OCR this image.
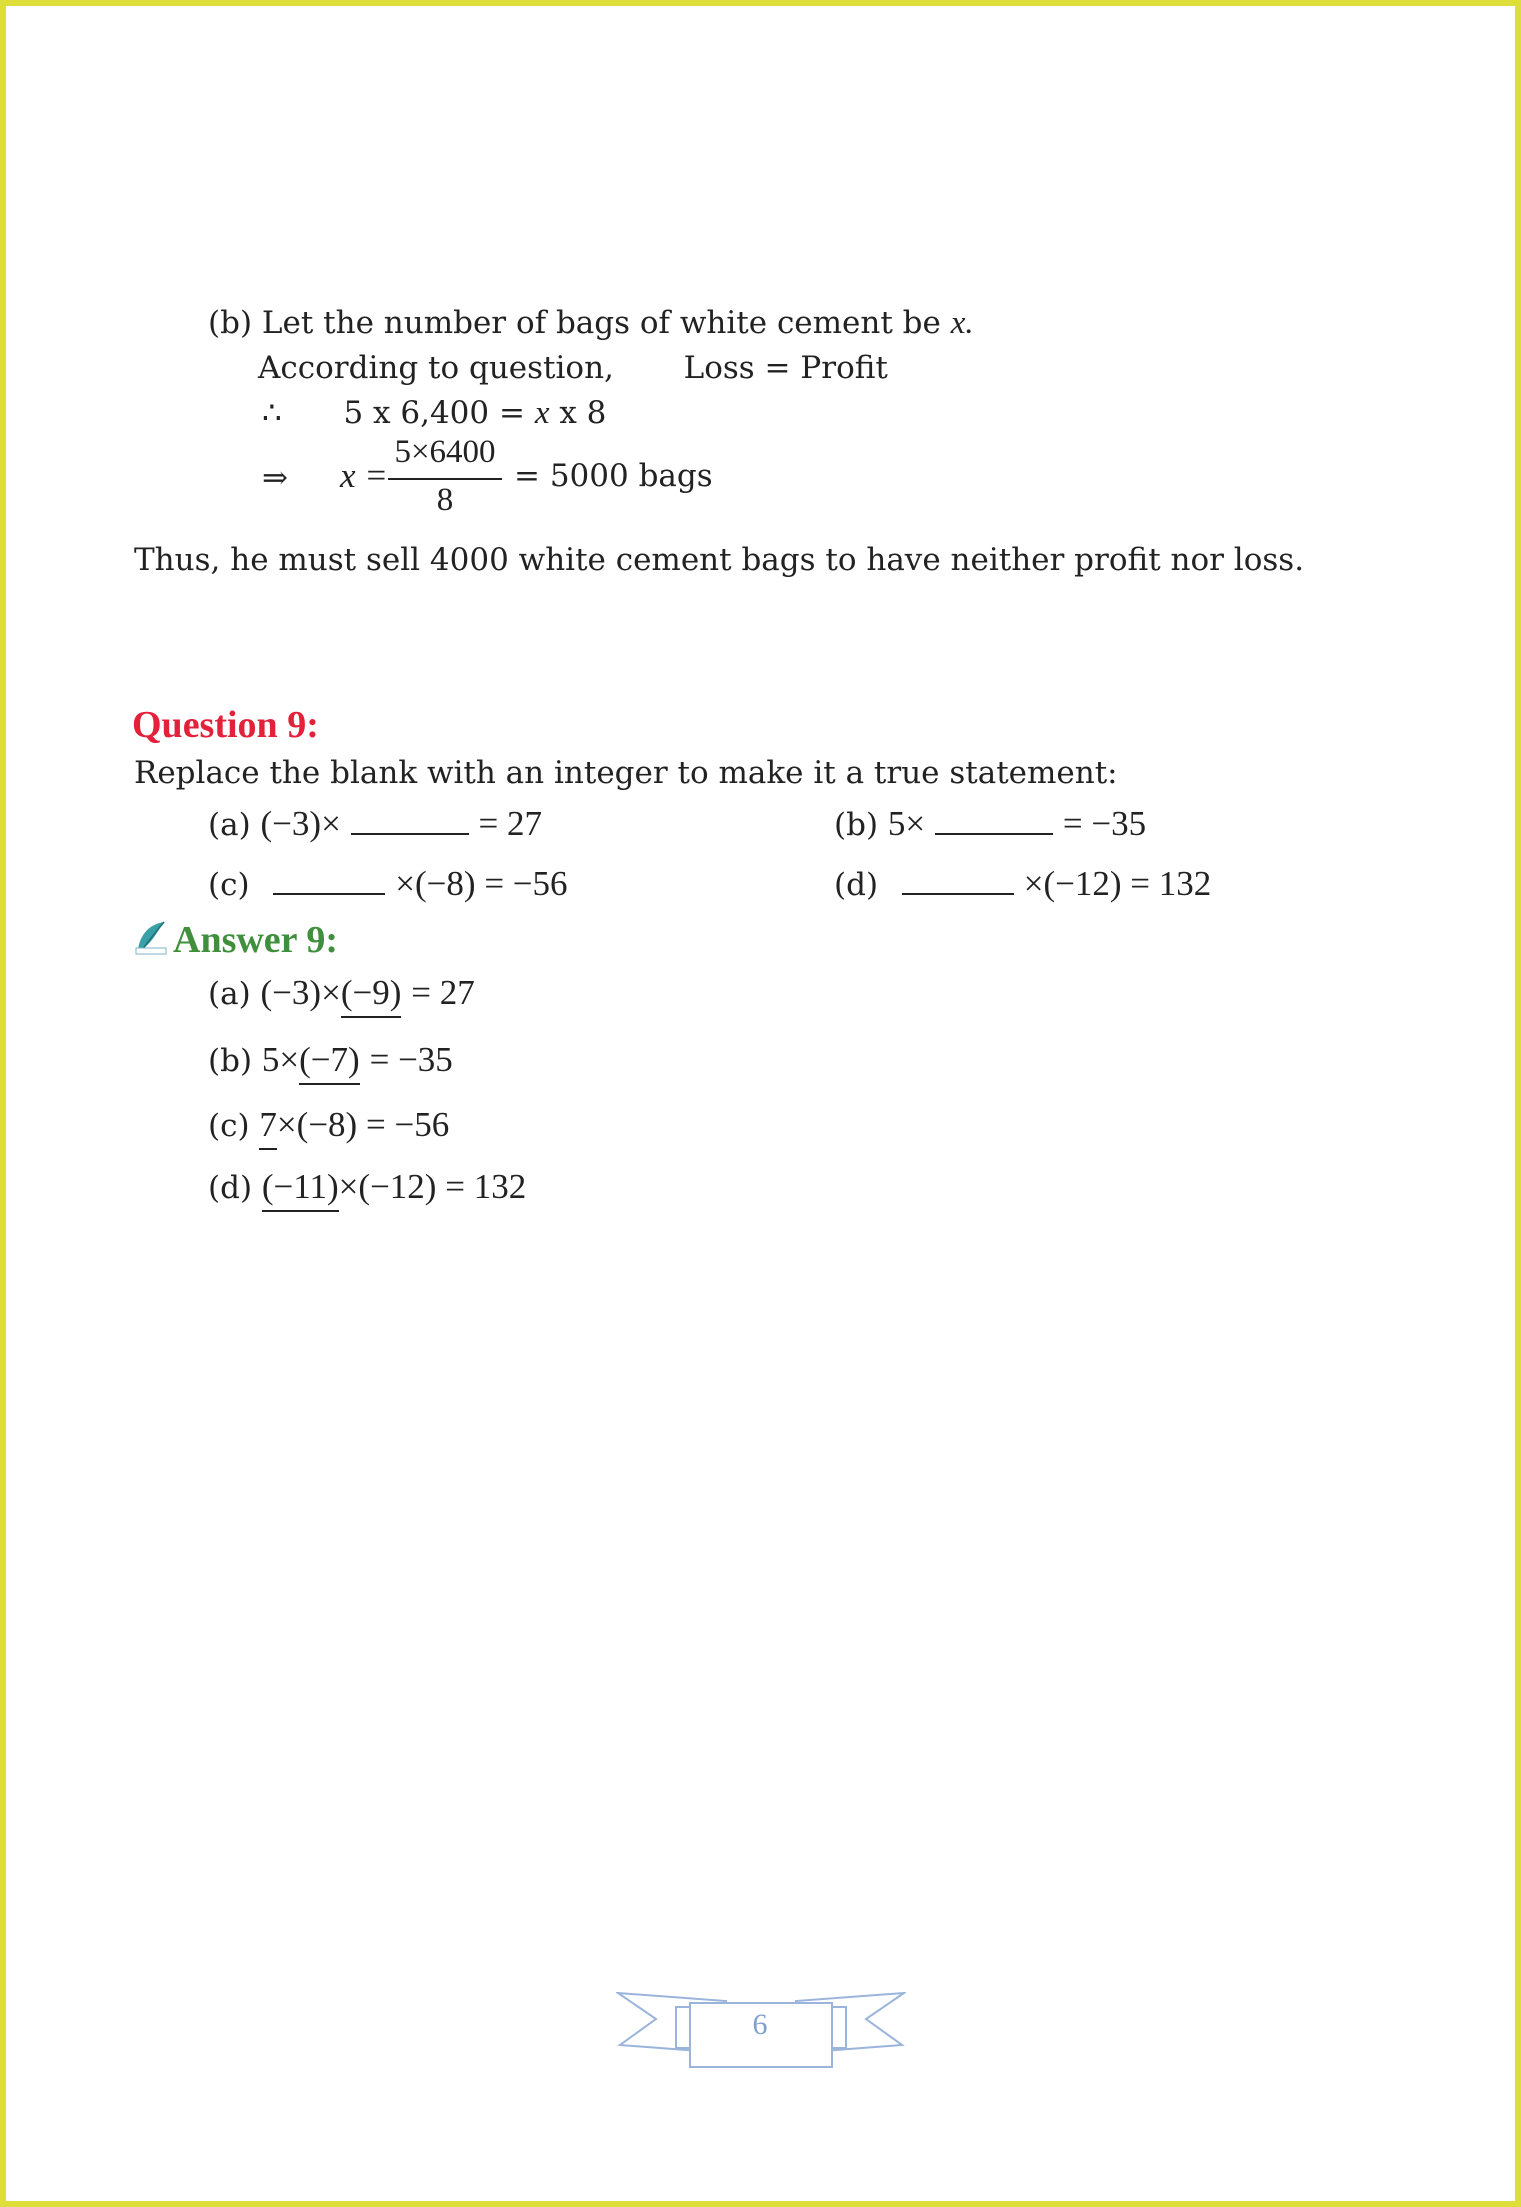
(b) Let the number of bags of white cement be x.
According to question, Loss = Profit
∴ 5 x 6,400 = x x 8
⇒ x =
5×6400
8
= 5000 bags
Thus, he must sell 4000 white cement bags to have neither profit nor loss.
Question 9:
Replace the blank with an integer to make it a true statement:
(a) (−3)×	= 27	(b) 5×	= −35
(c)	×(−8) = −56	(d)	×(−12) = 132
Answer 9:
(a) (−3)×(−9) = 27
(b) 5×(−7) = −35
(c) 7×(−8) = −56
(d) (−11)×(−12) = 132
6
